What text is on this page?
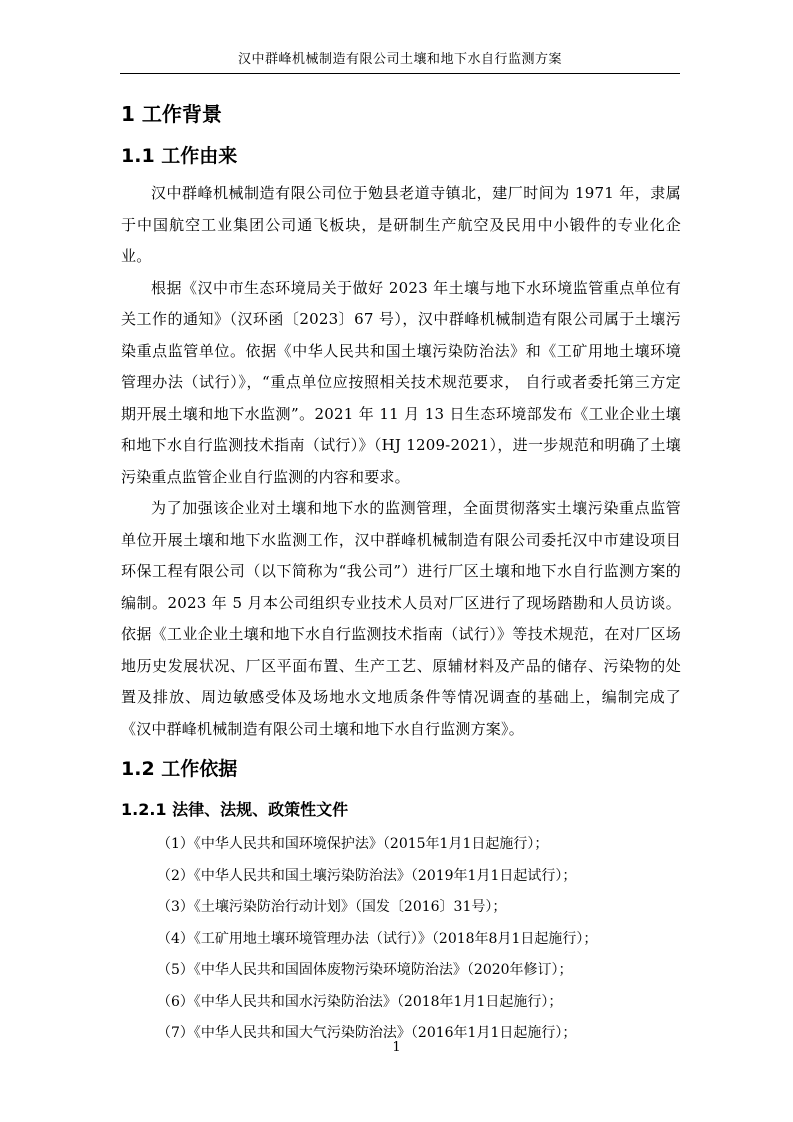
汉中群峰机械制造有限公司土壤和地下水自行监测方案
1 工作背景
1.1 工作由来

汉中群峰机械制造有限公司位于勉县老道寺镇北，建厂时间为 1971 年，隶属于中国航空工业集团公司通飞板块，是研制生产航空及民用中小锻件的专业化企业。

根据《汉中市生态环境局关于做好 2023 年土壤与地下水环境监管重点单位有关工作的通知》（汉环函〔2023〕67 号），汉中群峰机械制造有限公司属于土壤污染重点监管单位。依据《中华人民共和国土壤污染防治法》和《工矿用地土壤环境管理办法（试行）》，“重点单位应按照相关技术规范要求， 自行或者委托第三方定期开展土壤和地下水监测”。2021 年 11 月 13 日生态环境部发布《工业企业土壤和地下水自行监测技术指南（试行）》（HJ 1209-2021），进一步规范和明确了土壤污染重点监管企业自行监测的内容和要求。

为了加强该企业对土壤和地下水的监测管理，全面贯彻落实土壤污染重点监管单位开展土壤和地下水监测工作，汉中群峰机械制造有限公司委托汉中市建设项目环保工程有限公司（以下简称为“我公司”）进行厂区土壤和地下水自行监测方案的编制。2023 年 5 月本公司组织专业技术人员对厂区进行了现场踏勘和人员访谈。依据《工业企业土壤和地下水自行监测技术指南（试行）》等技术规范，在对厂区场地历史发展状况、厂区平面布置、生产工艺、原辅材料及产品的储存、污染物的处置及排放、周边敏感受体及场地水文地质条件等情况调查的基础上，编制完成了《汉中群峰机械制造有限公司土壤和地下水自行监测方案》。

1.2 工作依据
1.2.1 法律、法规、政策性文件
（1）《中华人民共和国环境保护法》（2015年1月1日起施行）；
（2）《中华人民共和国土壤污染防治法》（2019年1月1日起试行）；
（3）《土壤污染防治行动计划》（国发〔2016〕31号）；
（4）《工矿用地土壤环境管理办法（试行）》（2018年8月1日起施行）；
（5）《中华人民共和国固体废物污染环境防治法》（2020年修订）；
（6）《中华人民共和国水污染防治法》（2018年1月1日起施行）；
（7）《中华人民共和国大气污染防治法》（2016年1月1日起施行）；
1
